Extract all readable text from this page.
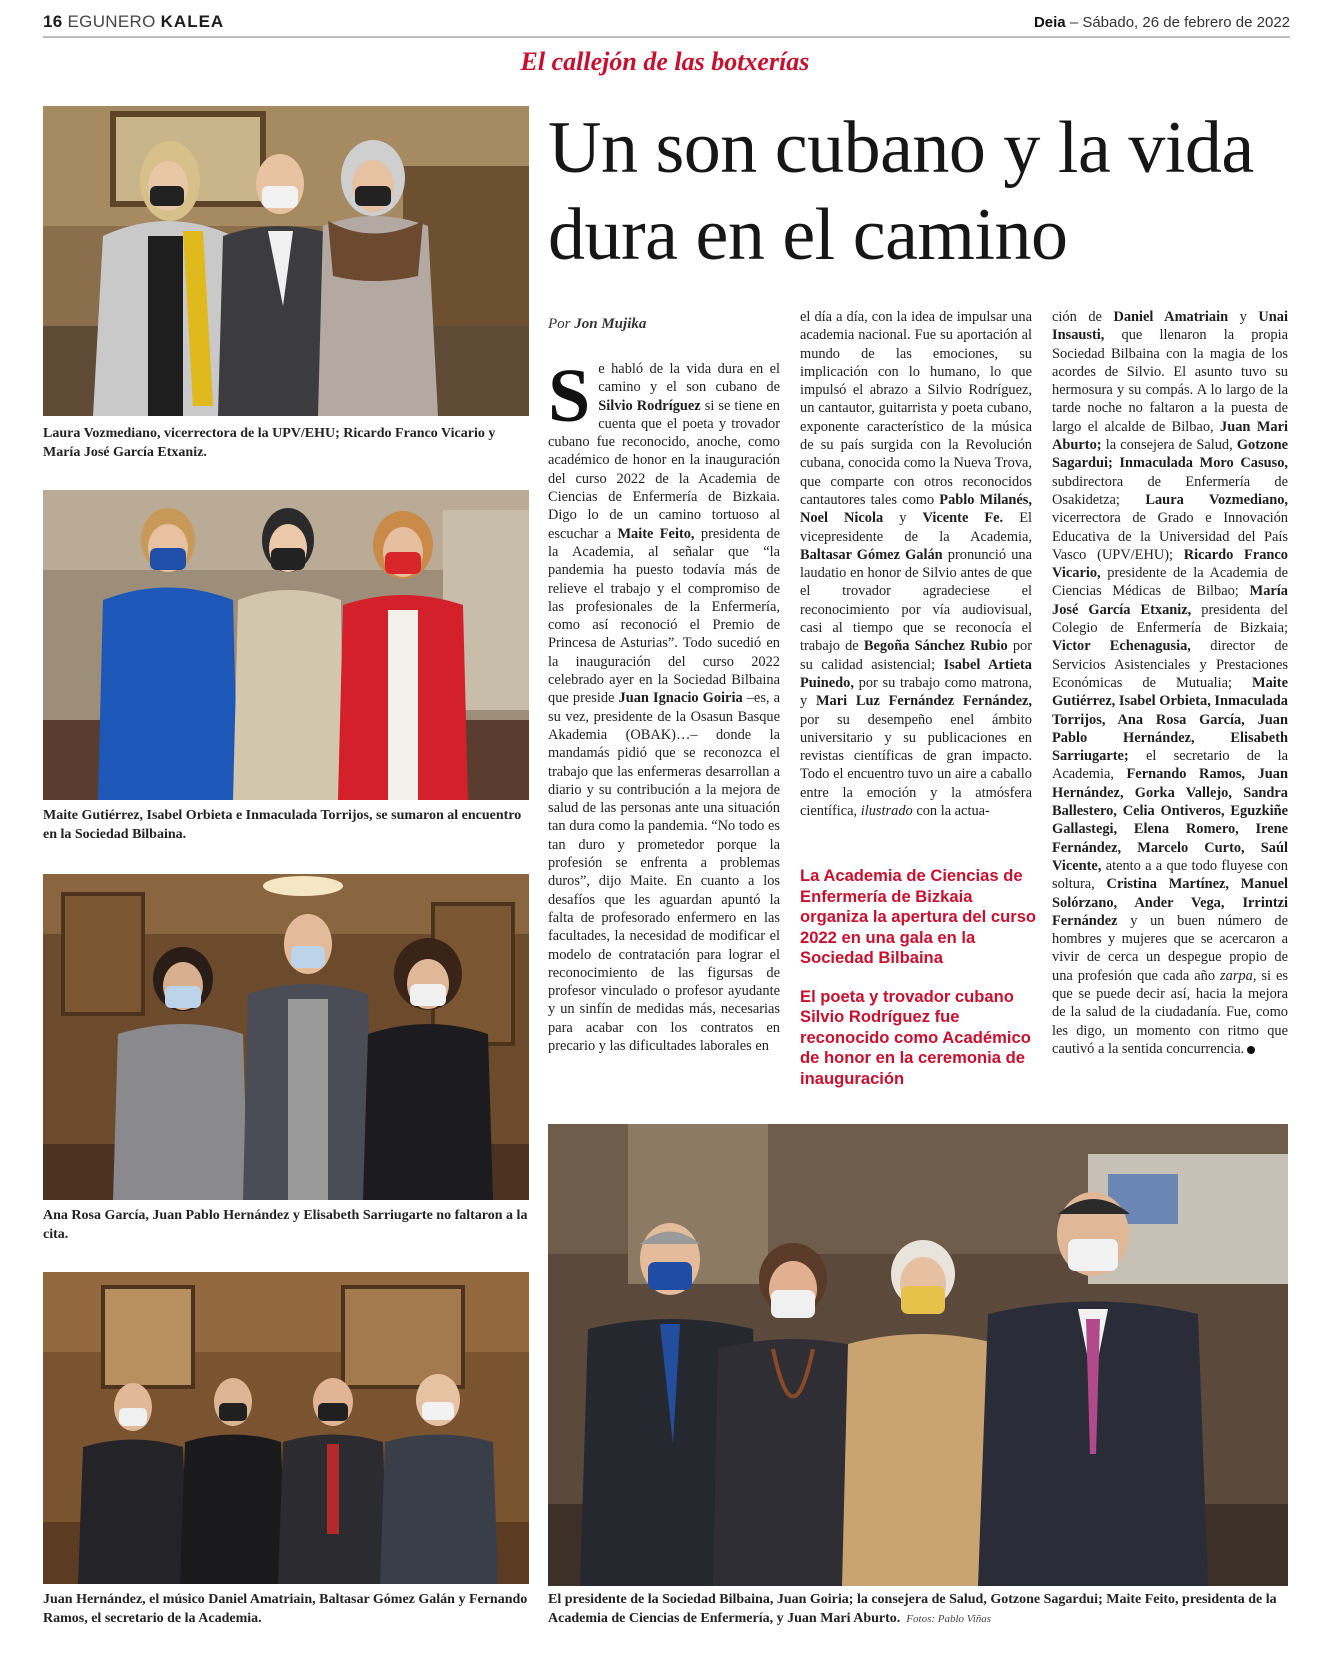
16 EGUNERO KALEA	Deia – Sábado, 26 de febrero de 2022
El callejón de las botxerías
Un son cubano y la vida dura en el camino
Laura Vozmediano, vicerrectora de la UPV/EHU; Ricardo Franco Vicario y María José García Etxaniz.
Maite Gutiérrez, Isabel Orbieta e Inmaculada Torrijos, se sumaron al encuentro en la Sociedad Bilbaina.
Ana Rosa García, Juan Pablo Hernández y Elisabeth Sarriugarte no faltaron a la cita.
Juan Hernández, el músico Daniel Amatriain, Baltasar Gómez Galán y Fernando Ramos, el secretario de la Academia.
El presidente de la Sociedad Bilbaina, Juan Goiria; la consejera de Salud, Gotzone Sagardui; Maite Feito, presidenta de la Academia de Ciencias de Enfermería, y Juan Mari Aburto. Fotos: Pablo Viñas
Por Jon Mujika

Se habló de la vida dura en el camino y el son cubano de Silvio Rodríguez si se tiene en cuenta que el poeta y trovador cubano fue reconocido, anoche, como académico de honor en la inauguración del curso 2022 de la Academia de Ciencias de Enfermería de Bizkaia. Digo lo de un camino tortuoso al escuchar a Maite Feito, presidenta de la Academia, al señalar que “la pandemia ha puesto todavía más de relieve el trabajo y el compromiso de las profesionales de la Enfermería, como así reconoció el Premio de Princesa de Asturias”. Todo sucedió en la inauguración del curso 2022 celebrado ayer en la Sociedad Bilbaina que preside Juan Ignacio Goiria –es, a su vez, presidente de la Osasun Basque Akademia (OBAK)…– donde la mandamás pidió que se reconozca el trabajo que las enfermeras desarrollan a diario y su contribución a la mejora de salud de las personas ante una situación tan dura como la pandemia. “No todo es tan duro y prometedor porque la profesión se enfrenta a problemas duros”, dijo Maite. En cuanto a los desafíos que les aguardan apuntó la falta de profesorado enfermero en las facultades, la necesidad de modificar el modelo de contratación para lograr el reconocimiento de las figursas de profesor vinculado o profesor ayudante y un sinfín de medidas más, necesarias para acabar con los contratos en precario y las dificultades laborales en

el día a día, con la idea de impulsar una academia nacional. Fue su aportación al mundo de las emociones, su implicación con lo humano, lo que impulsó el abrazo a Silvio Rodríguez, un cantautor, guitarrista y poeta cubano, exponente característico de la música de su país surgida con la Revolución cubana, conocida como la Nueva Trova, que comparte con otros reconocidos cantautores tales como Pablo Milanés, Noel Nicola y Vicente Fe. El vicepresidente de la Academia, Baltasar Gómez Galán pronunció una laudatio en honor de Silvio antes de que el trovador agradeciese el reconocimiento por vía audiovisual, casi al tiempo que se reconocía el trabajo de Begoña Sánchez Rubio por su calidad asistencial; Isabel Artieta Puinedo, por su trabajo como matrona, y Mari Luz Fernández Fernández, por su desempeño enel ámbito universitario y su publicaciones en revistas científicas de gran impacto. Todo el encuentro tuvo un aire a caballo entre la emoción y la atmósfera científica, ilustrado con la actua-

La Academia de Ciencias de Enfermería de Bizkaia organiza la apertura del curso 2022 en una gala en la Sociedad Bilbaina

El poeta y trovador cubano Silvio Rodríguez fue reconocido como Académico de honor en la ceremonia de inauguración

ción de Daniel Amatriain y Unai Insausti, que llenaron la propia Sociedad Bilbaina con la magia de los acordes de Silvio. El asunto tuvo su hermosura y su compás. A lo largo de la tarde noche no faltaron a la puesta de largo el alcalde de Bilbao, Juan Mari Aburto; la consejera de Salud, Gotzone Sagardui; Inmaculada Moro Casuso, subdirectora de Enfermería de Osakidetza; Laura Vozmediano, vicerrectora de Grado e Innovación Educativa de la Universidad del País Vasco (UPV/EHU); Ricardo Franco Vicario, presidente de la Academia de Ciencias Médicas de Bilbao; María José García Etxaniz, presidenta del Colegio de Enfermería de Bizkaia; Victor Echenagusia, director de Servicios Asistenciales y Prestaciones Económicas de Mutualia; Maite Gutiérrez, Isabel Orbieta, Inmaculada Torrijos, Ana Rosa García, Juan Pablo Hernández, Elisabeth Sarriugarte; el secretario de la Academia, Fernando Ramos, Juan Hernández, Gorka Vallejo, Sandra Ballestero, Celia Ontiveros, Eguzkiñe Gallastegi, Elena Romero, Irene Fernández, Marcelo Curto, Saúl Vicente, atento a a que todo fluyese con soltura, Cristina Martínez, Manuel Solórzano, Ander Vega, Irrintzi Fernández y un buen número de hombres y mujeres que se acercaron a vivir de cerca un despegue propio de una profesión que cada año zarpa, si es que se puede decir así, hacia la mejora de la salud de la ciudadanía. Fue, como les digo, un momento con ritmo que cautivó a la sentida concurrencia.
